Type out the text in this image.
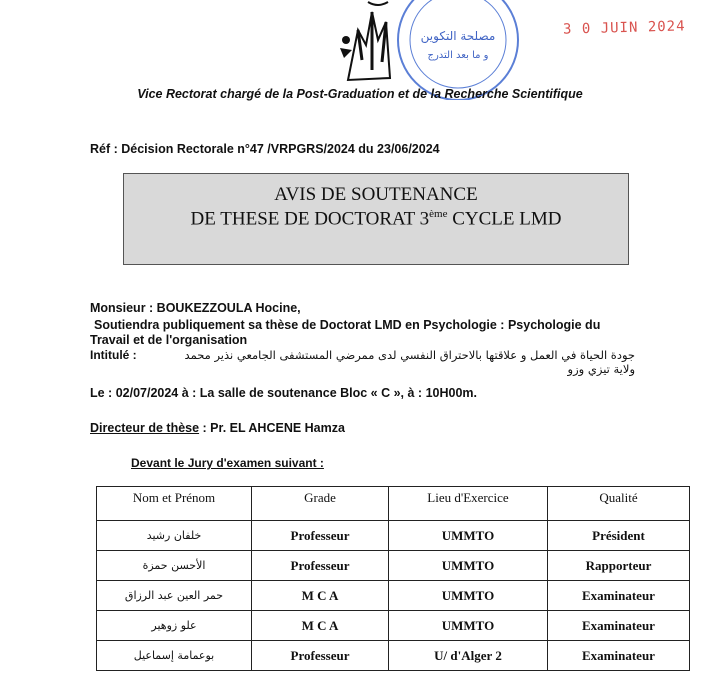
مصلحة التكوين
و ما بعد التدرج
3 0 JUIN 2024
Vice Rectorat chargé de la Post-Graduation et de la Recherche Scientifique
Réf : Décision Rectorale n°47 /VRPGRS/2024 du 23/06/2024
AVIS DE SOUTENANCE
DE THESE DE DOCTORAT 3ème CYCLE LMD
Monsieur : BOUKEZZOULA Hocine,
Soutiendra publiquement sa thèse de Doctorat LMD en Psychologie : Psychologie du Travail et de l'organisation
Intitulé :	جودة الحياة في العمل و علاقتها بالاحتراق النفسي لدى ممرضي المستشفى الجامعي نذير محمد ولاية تيزي وزو
Le : 02/07/2024 à : La salle de soutenance Bloc « C », à : 10H00m.
Directeur de thèse : Pr. EL AHCENE Hamza
Devant le Jury d'examen suivant :
Nom et Prénom	Grade	Lieu d'Exercice	Qualité
خلفان رشيد	Professeur	UMMTO	Président
الأحسن حمزة	Professeur	UMMTO	Rapporteur
حمر العين عبد الرزاق	M C A	UMMTO	Examinateur
علو زوهير	M C A	UMMTO	Examinateur
بوعمامة إسماعيل	Professeur	U/ d'Alger 2	Examinateur
